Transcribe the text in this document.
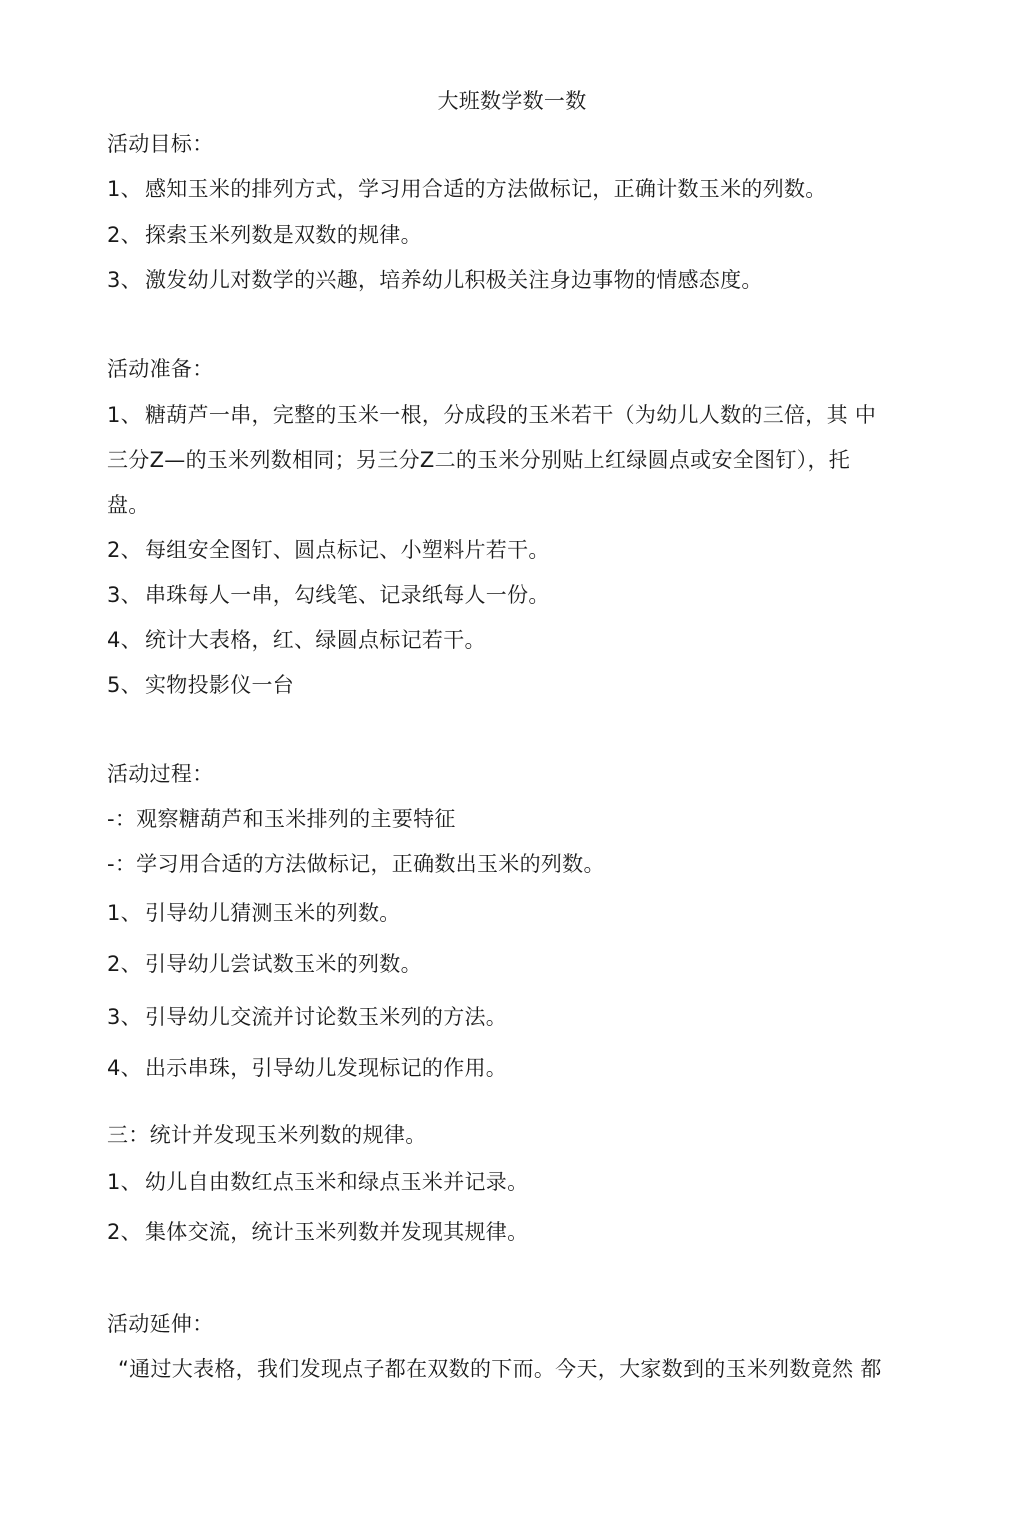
大班数学数一数
活动目标：
1、 感知玉米的排列方式，学习用合适的方法做标记，正确计数玉米的列数。
2、 探索玉米列数是双数的规律。
3、 激发幼儿对数学的兴趣，培养幼儿积极关注身边事物的情感态度。
活动准备：
1、 糖葫芦一串，完整的玉米一根，分成段的玉米若干（为幼儿人数的三倍，其 中
三分Z—的玉米列数相同；另三分Z二的玉米分别贴上红绿圆点或安全图钉），托
盘。
2、 每组安全图钉、圆点标记、小塑料片若干。
3、 串珠每人一串，勾线笔、记录纸每人一份。
4、 统计大表格，红、绿圆点标记若干。
5、 实物投影仪一台
活动过程：
-：观察糖葫芦和玉米排列的主要特征
-：学习用合适的方法做标记，正确数出玉米的列数。
1、 引导幼儿猜测玉米的列数。
2、 引导幼儿尝试数玉米的列数。
3、 引导幼儿交流并讨论数玉米列的方法。
4、 出示串珠，引导幼儿发现标记的作用。
三：统计并发现玉米列数的规律。
1、 幼儿自由数红点玉米和绿点玉米并记录。
2、 集体交流，统计玉米列数并发现其规律。
活动延伸：
“通过大表格，我们发现点子都在双数的下而。今天，大家数到的玉米列数竟然 都
